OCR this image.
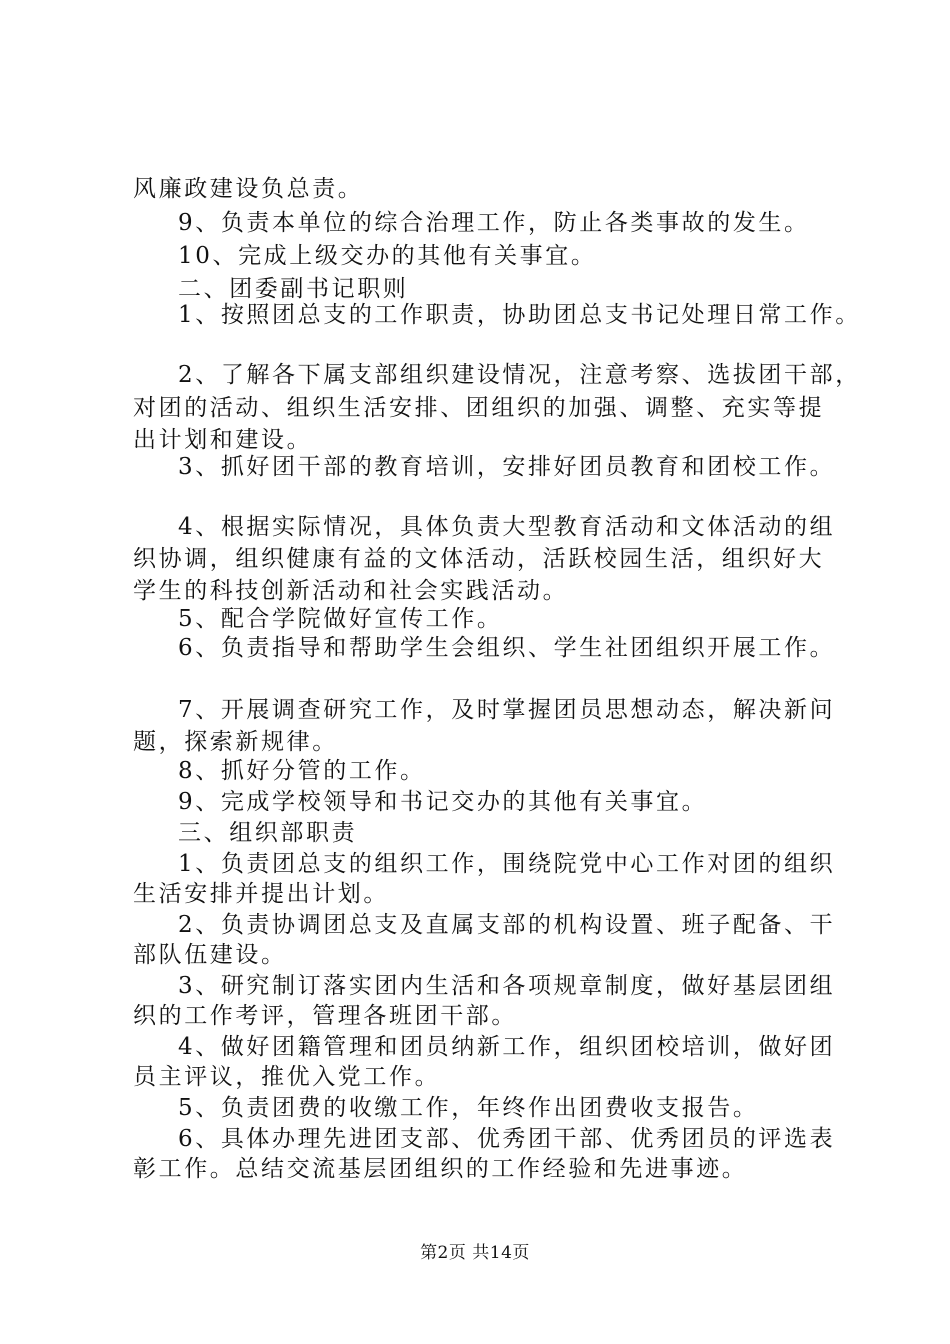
风廉政建设负总责。
9、负责本单位的综合治理工作，防止各类事故的发生。
10、完成上级交办的其他有关事宜。
二、团委副书记职则
1、按照团总支的工作职责，协助团总支书记处理日常工作。
2、了解各下属支部组织建设情况，注意考察、选拔团干部，
对团的活动、组织生活安排、团组织的加强、调整、充实等提
出计划和建设。
3、抓好团干部的教育培训，安排好团员教育和团校工作。
4、根据实际情况，具体负责大型教育活动和文体活动的组
织协调，组织健康有益的文体活动，活跃校园生活，组织好大
学生的科技创新活动和社会实践活动。
5、配合学院做好宣传工作。
6、负责指导和帮助学生会组织、学生社团组织开展工作。
7、开展调查研究工作，及时掌握团员思想动态，解决新问
题，探索新规律。
8、抓好分管的工作。
9、完成学校领导和书记交办的其他有关事宜。
三、组织部职责
1、负责团总支的组织工作，围绕院党中心工作对团的组织
生活安排并提出计划。
2、负责协调团总支及直属支部的机构设置、班子配备、干
部队伍建设。
3、研究制订落实团内生活和各项规章制度，做好基层团组
织的工作考评，管理各班团干部。
4、做好团籍管理和团员纳新工作，组织团校培训，做好团
员主评议，推优入党工作。
5、负责团费的收缴工作，年终作出团费收支报告。
6、具体办理先进团支部、优秀团干部、优秀团员的评选表
彰工作。总结交流基层团组织的工作经验和先进事迹。
第2页 共14页
